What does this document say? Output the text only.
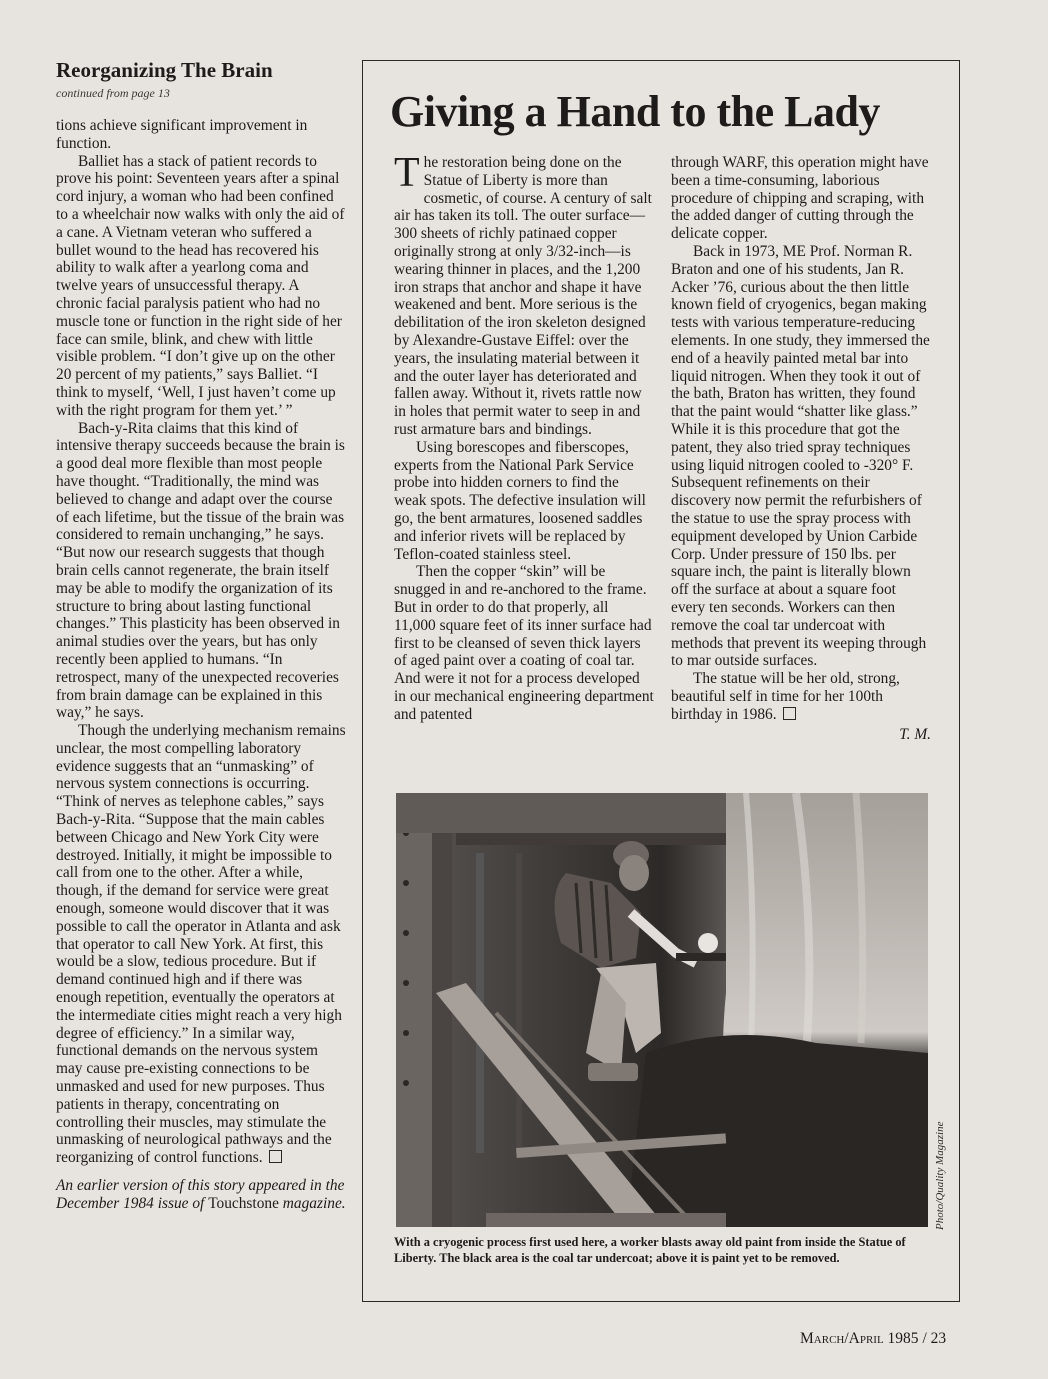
Reorganizing The Brain
continued from page 13

tions achieve significant improvement in function.

Balliet has a stack of patient records to prove his point: Seventeen years after a spinal cord injury, a woman who had been confined to a wheelchair now walks with only the aid of a cane. A Vietnam veteran who suffered a bullet wound to the head has recovered his ability to walk after a yearlong coma and twelve years of unsuccessful therapy. A chronic facial paralysis patient who had no muscle tone or function in the right side of her face can smile, blink, and chew with little visible problem. “I don’t give up on the other 20 percent of my patients,” says Balliet. “I think to myself, ‘Well, I just haven’t come up with the right program for them yet.’ ”

Bach-y-Rita claims that this kind of intensive therapy succeeds because the brain is a good deal more flexible than most people have thought. “Traditionally, the mind was believed to change and adapt over the course of each lifetime, but the tissue of the brain was considered to remain unchanging,” he says. “But now our research suggests that though brain cells cannot regenerate, the brain itself may be able to modify the organization of its structure to bring about lasting functional changes.” This plasticity has been observed in animal studies over the years, but has only recently been applied to humans. “In retrospect, many of the unexpected recoveries from brain damage can be explained in this way,” he says.

Though the underlying mechanism remains unclear, the most compelling laboratory evidence suggests that an “unmasking” of nervous system connections is occurring. “Think of nerves as telephone cables,” says Bach-y-Rita. “Suppose that the main cables between Chicago and New York City were destroyed. Initially, it might be impossible to call from one to the other. After a while, though, if the demand for service were great enough, someone would discover that it was possible to call the operator in Atlanta and ask that operator to call New York. At first, this would be a slow, tedious procedure. But if demand continued high and if there was enough repetition, eventually the operators at the intermediate cities might reach a very high degree of efficiency.” In a similar way, functional demands on the nervous system may cause pre-existing connections to be unmasked and used for new purposes. Thus patients in therapy, concentrating on controlling their muscles, may stimulate the unmasking of neurological pathways and the reorganizing of control functions.

An earlier version of this story appeared in the December 1984 issue of Touchstone magazine.

Giving a Hand to the Lady

The restoration being done on the Statue of Liberty is more than cosmetic, of course. A century of salt air has taken its toll. The outer surface—300 sheets of richly patinaed copper originally strong at only 3/32-inch—is wearing thinner in places, and the 1,200 iron straps that anchor and shape it have weakened and bent. More serious is the debilitation of the iron skeleton designed by Alexandre-Gustave Eiffel: over the years, the insulating material between it and the outer layer has deteriorated and fallen away. Without it, rivets rattle now in holes that permit water to seep in and rust armature bars and bindings.

Using borescopes and fiberscopes, experts from the National Park Service probe into hidden corners to find the weak spots. The defective insulation will go, the bent armatures, loosened saddles and inferior rivets will be replaced by Teflon-coated stainless steel.

Then the copper “skin” will be snugged in and re-anchored to the frame. But in order to do that properly, all 11,000 square feet of its inner surface had first to be cleansed of seven thick layers of aged paint over a coating of coal tar. And were it not for a process developed in our mechanical engineering department and patented

through WARF, this operation might have been a time-consuming, laborious procedure of chipping and scraping, with the added danger of cutting through the delicate copper.

Back in 1973, ME Prof. Norman R. Braton and one of his students, Jan R. Acker ’76, curious about the then little known field of cryogenics, began making tests with various temperature-reducing elements. In one study, they immersed the end of a heavily painted metal bar into liquid nitrogen. When they took it out of the bath, Braton has written, they found that the paint would “shatter like glass.” While it is this procedure that got the patent, they also tried spray techniques using liquid nitrogen cooled to -320° F. Subsequent refinements on their discovery now permit the refurbishers of the statue to use the spray process with equipment developed by Union Carbide Corp. Under pressure of 150 lbs. per square inch, the paint is literally blown off the surface at about a square foot every ten seconds. Workers can then remove the coal tar undercoat with methods that prevent its weeping through to mar outside surfaces.

The statue will be her old, strong, beautiful self in time for her 100th birthday in 1986.

T. M.

Photo/Quality Magazine
With a cryogenic process first used here, a worker blasts away old paint from inside the Statue of Liberty. The black area is the coal tar undercoat; above it is paint yet to be removed.
March/April 1985 / 23
